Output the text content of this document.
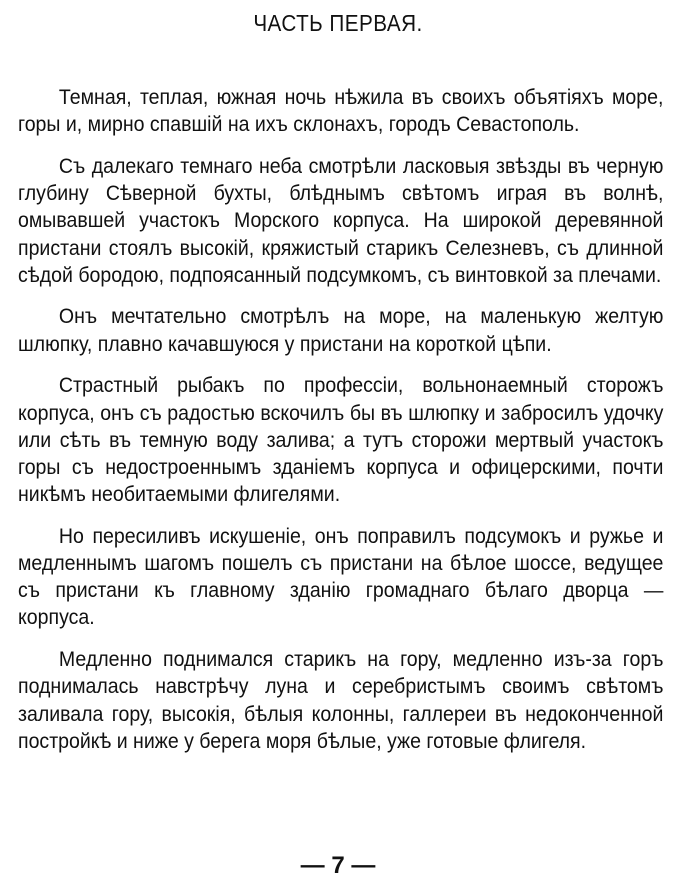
ЧАСТЬ ПЕРВАЯ.

Темная, теплая, южная ночь нѣжила въ своихъ объятіяхъ море, горы и, мирно спавшій на ихъ склонахъ, городъ Севастополь.

Съ далекаго темнаго неба смотрѣли ласковыя звѣзды въ черную глубину Сѣверной бухты, блѣднымъ свѣтомъ играя въ волнѣ, омывавшей участокъ Морского корпуса. На широкой деревянной пристани стоялъ высокій, кряжистый старикъ Селезневъ, съ длинной сѣдой бородою, подпоясанный подсумкомъ, съ винтовкой за плечами.

Онъ мечтательно смотрѣлъ на море, на маленькую желтую шлюпку, плавно качавшуюся у пристани на короткой цѣпи.

Страстный рыбакъ по профессіи, вольнонаемный сторожъ корпуса, онъ съ радостью вскочилъ бы въ шлюпку и забросилъ удочку или сѣть въ темную воду залива; а тутъ сторожи мертвый участокъ горы съ недостроеннымъ зданіемъ корпуса и офицерскими, почти никѣмъ необитаемыми флигелями.

Но пересиливъ искушеніе, онъ поправилъ подсумокъ и ружье и медленнымъ шагомъ пошелъ съ пристани на бѣлое шоссе, ведущее съ пристани къ главному зданію громаднаго бѣлаго дворца — корпуса.

Медленно поднимался старикъ на гору, медленно изъ-за горъ поднималась навстрѣчу луна и серебристымъ своимъ свѣтомъ заливала гору, высокія, бѣлыя колонны, галлереи въ недоконченной постройкѣ и ниже у берега моря бѣлые, уже готовые флигеля.

— 7 —
